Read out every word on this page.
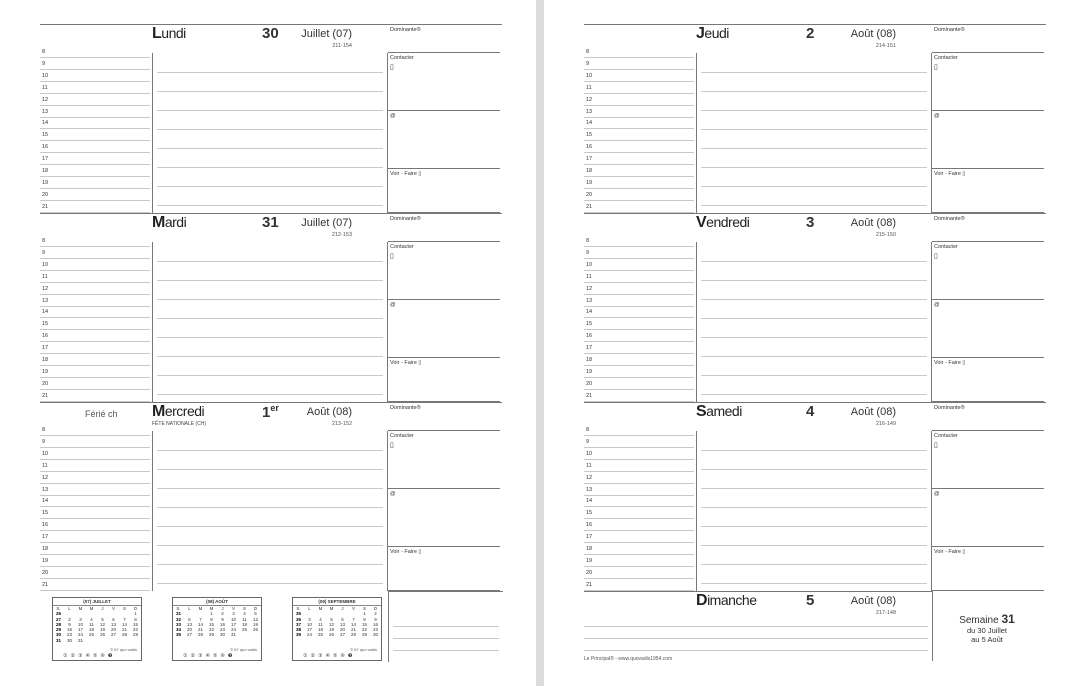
8
9
10
11
12
13
14
15
16
17
18
19
20
21
Lundi	30 Juillet (07)
211-154
Dominante®
Contacter
▯
@
Voir - Faire ▯
8
9
10
11
12
13
14
15
16
17
18
19
20
21
Mardi	31 Juillet (07)
212-153
Dominante®
Contacter
▯
@
Voir - Faire ▯
8
9
10
11
12
13
14
15
16
17
18
19
20
21
Mercredi	1er	Août (08)
213-152
Férié ch
FÊTE NATIONALE (CH)
Dominante®
Contacter
▯
@
Voir - Faire ▯
(07) JUILLET
S.	L	M	M	J	V	S	D
26							1
27	2	3	4	5	6	7	8
28	9	10	11	12	13	14	15
29	16	17	18	19	20	21	22
30	23	24	25	26	27	28	29
31	30	31					
© 67 quo vadis
①②③④⑤⑥❼
(08) AOÛT
S.	L	M	M	J	V	S	D
31			1	2	3	4	5
32	6	7	8	9	10	11	12
33	13	14	15	16	17	18	19
34	20	21	22	23	24	25	26
35	27	28	29	30	31		
© 67 quo vadis
①②③④⑤⑥❼
(09) SEPTEMBRE
S.	L	M	M	J	V	S	D
35						1	2
36	3	4	5	6	7	8	9
37	10	11	12	13	14	15	16
38	17	18	19	20	21	22	23
39	24	25	26	27	28	29	30
© 67 quo vadis
①②③④⑤⑥❼
8
9
10
11
12
13
14
15
16
17
18
19
20
21
Jeudi	2	Août (08)
214-151
Dominante®
Contacter
▯
@
Voir - Faire ▯
8
9
10
11
12
13
14
15
16
17
18
19
20
21
Vendredi	3	Août (08)
215-150
Dominante®
Contacter
▯
@
Voir - Faire ▯
8
9
10
11
12
13
14
15
16
17
18
19
20
21
Samedi	4	Août (08)
216-149
Dominante®
Contacter
▯
@
Voir - Faire ▯
Dimanche	5	Août (08)
217-148
Le Principal® - www.quovadis1954.com
Semaine 31
du 30 Juillet
au 5 Août
